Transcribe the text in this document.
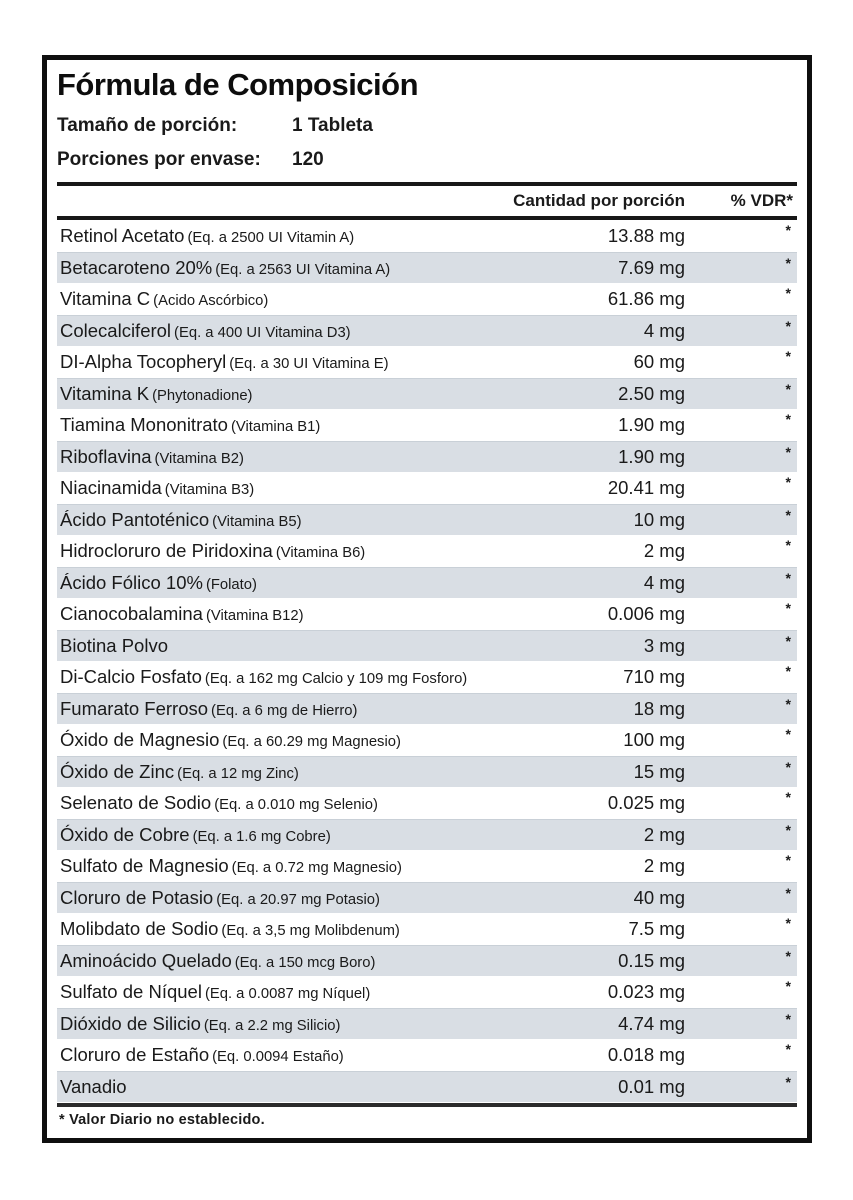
Fórmula de Composición
Tamaño de porción:	1 Tableta
Porciones por envase:	120
Cantidad por porción	% VDR*
Retinol Acetato (Eq. a 2500 UI Vitamin A)	13.88 mg	*
Betacaroteno 20% (Eq. a 2563 UI Vitamina A)	7.69 mg	*
Vitamina C (Acido Ascórbico)	61.86 mg	*
Colecalciferol (Eq. a 400 UI Vitamina D3)	4 mg	*
DI-Alpha Tocopheryl (Eq. a 30 UI Vitamina E)	60 mg	*
Vitamina K (Phytonadione)	2.50 mg	*
Tiamina Mononitrato (Vitamina B1)	1.90 mg	*
Riboflavina (Vitamina B2)	1.90 mg	*
Niacinamida (Vitamina B3)	20.41 mg	*
Ácido Pantoténico (Vitamina B5)	10 mg	*
Hidrocloruro de Piridoxina (Vitamina B6)	2 mg	*
Ácido Fólico 10% (Folato)	4 mg	*
Cianocobalamina (Vitamina B12)	0.006 mg	*
Biotina Polvo	3 mg	*
Di-Calcio Fosfato (Eq. a 162 mg Calcio y 109 mg Fosforo)	710 mg	*
Fumarato Ferroso (Eq. a 6 mg de Hierro)	18 mg	*
Óxido de Magnesio (Eq. a 60.29 mg Magnesio)	100 mg	*
Óxido de Zinc (Eq. a 12 mg Zinc)	15 mg	*
Selenato de Sodio (Eq. a 0.010 mg Selenio)	0.025 mg	*
Óxido de Cobre (Eq. a 1.6 mg Cobre)	2 mg	*
Sulfato de Magnesio (Eq. a 0.72 mg Magnesio)	2 mg	*
Cloruro de Potasio (Eq. a 20.97 mg Potasio)	40 mg	*
Molibdato de Sodio (Eq. a 3,5 mg Molibdenum)	7.5 mg	*
Aminoácido Quelado (Eq. a 150 mcg Boro)	0.15 mg	*
Sulfato de Níquel (Eq. a 0.0087 mg Níquel)	0.023 mg	*
Dióxido de Silicio (Eq. a 2.2 mg Silicio)	4.74 mg	*
Cloruro de Estaño (Eq. 0.0094 Estaño)	0.018 mg	*
Vanadio	0.01 mg	*
* Valor Diario no establecido.
